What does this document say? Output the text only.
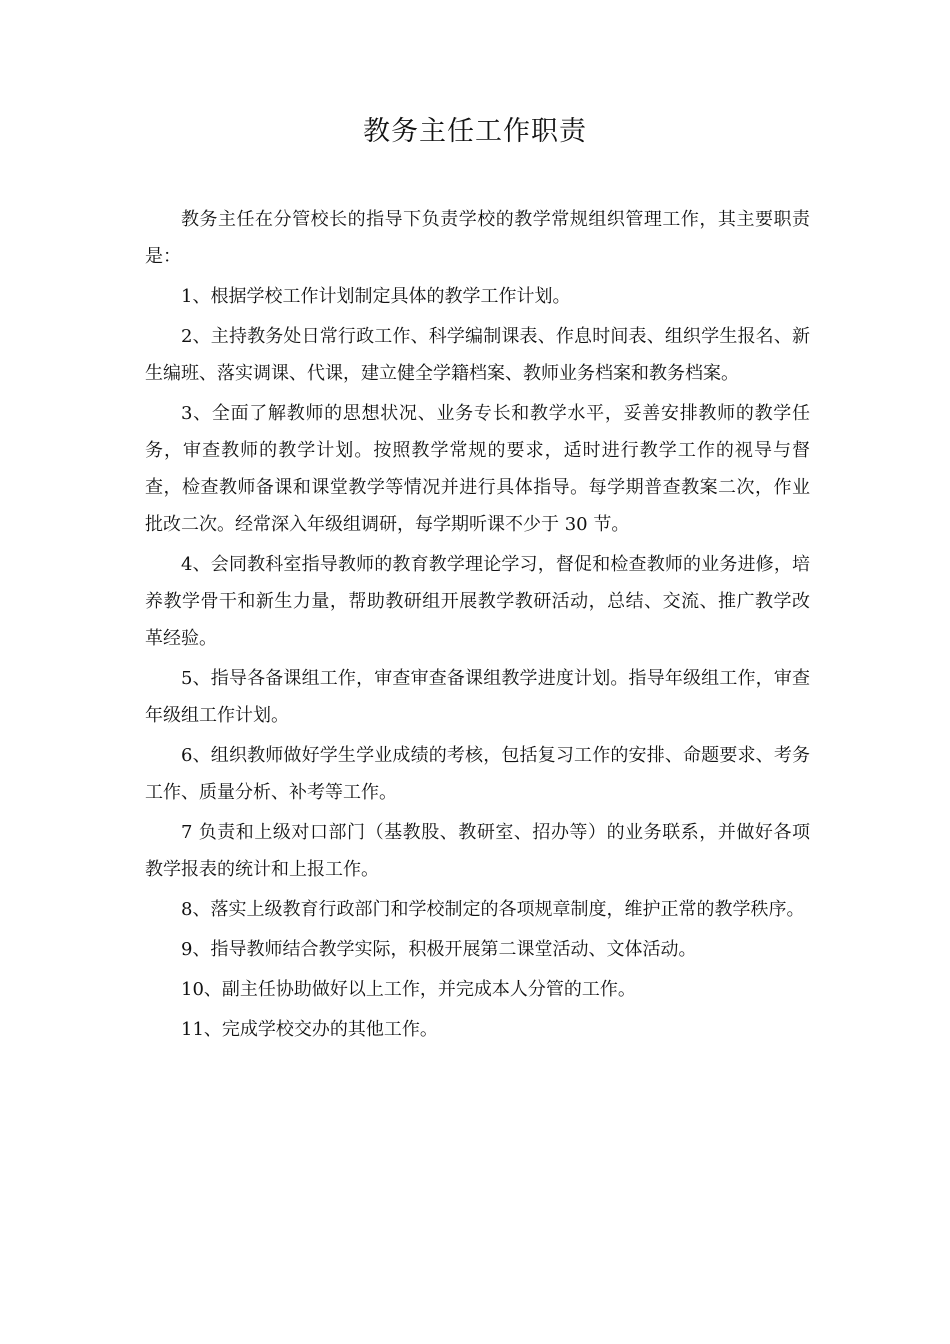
教务主任工作职责

教务主任在分管校长的指导下负责学校的教学常规组织管理工作，其主要职责是：

1、根据学校工作计划制定具体的教学工作计划。

2、主持教务处日常行政工作、科学编制课表、作息时间表、组织学生报名、新生编班、落实调课、代课，建立健全学籍档案、教师业务档案和教务档案。

3、全面了解教师的思想状况、业务专长和教学水平，妥善安排教师的教学任务，审查教师的教学计划。按照教学常规的要求，适时进行教学工作的视导与督查，检查教师备课和课堂教学等情况并进行具体指导。每学期普查教案二次，作业批改二次。经常深入年级组调研，每学期听课不少于 30 节。

4、会同教科室指导教师的教育教学理论学习，督促和检查教师的业务进修，培养教学骨干和新生力量，帮助教研组开展教学教研活动，总结、交流、推广教学改革经验。

5、指导各备课组工作，审查审查备课组教学进度计划。指导年级组工作，审查年级组工作计划。

6、组织教师做好学生学业成绩的考核，包括复习工作的安排、命题要求、考务工作、质量分析、补考等工作。

7 负责和上级对口部门（基教股、教研室、招办等）的业务联系，并做好各项教学报表的统计和上报工作。

8、落实上级教育行政部门和学校制定的各项规章制度，维护正常的教学秩序。

9、指导教师结合教学实际，积极开展第二课堂活动、文体活动。

10、副主任协助做好以上工作，并完成本人分管的工作。

11、完成学校交办的其他工作。
